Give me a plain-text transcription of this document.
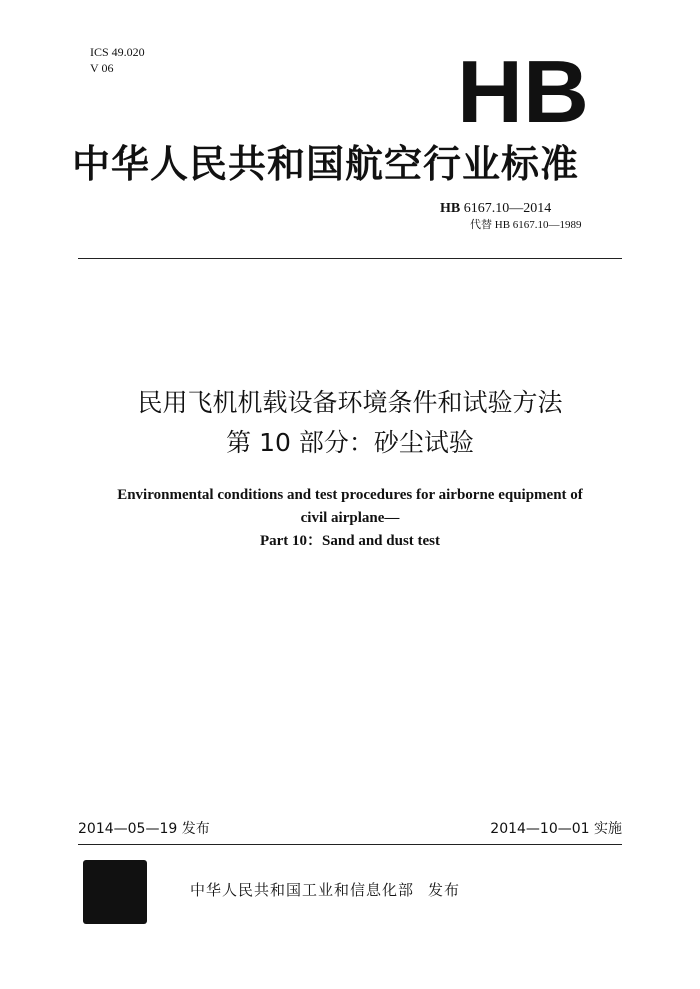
ICS 49.020
V 06	HB
中华人民共和国航空行业标准
HB 6167.10—2014
代替 HB 6167.10—1989
民用飞机机载设备环境条件和试验方法
第 10 部分：砂尘试验
Environmental conditions and test procedures for airborne equipment of
civil airplane—
Part 10：Sand and dust test
2014—05—19 发布	2014—10—01 实施
中华人民共和国工业和信息化部 发布
